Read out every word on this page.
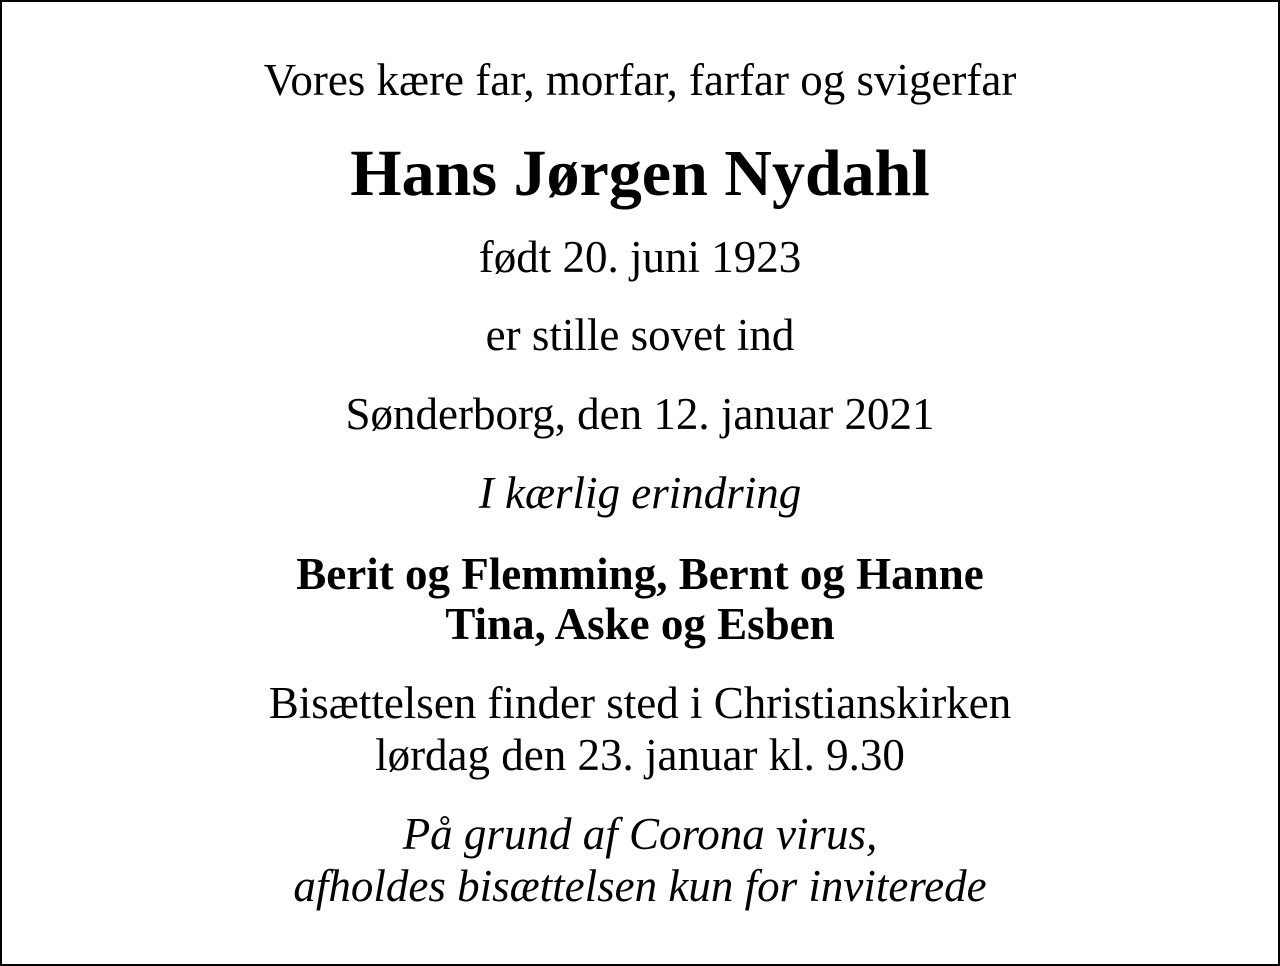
Vores kære far, morfar, farfar og svigerfar
Hans Jørgen Nydahl
født 20. juni 1923
er stille sovet ind
Sønderborg, den 12. januar 2021
I kærlig erindring
Berit og Flemming, Bernt og Hanne
Tina, Aske og Esben
Bisættelsen finder sted i Christianskirken
lørdag den 23. januar kl. 9.30
På grund af Corona virus,
afholdes bisættelsen kun for inviterede
